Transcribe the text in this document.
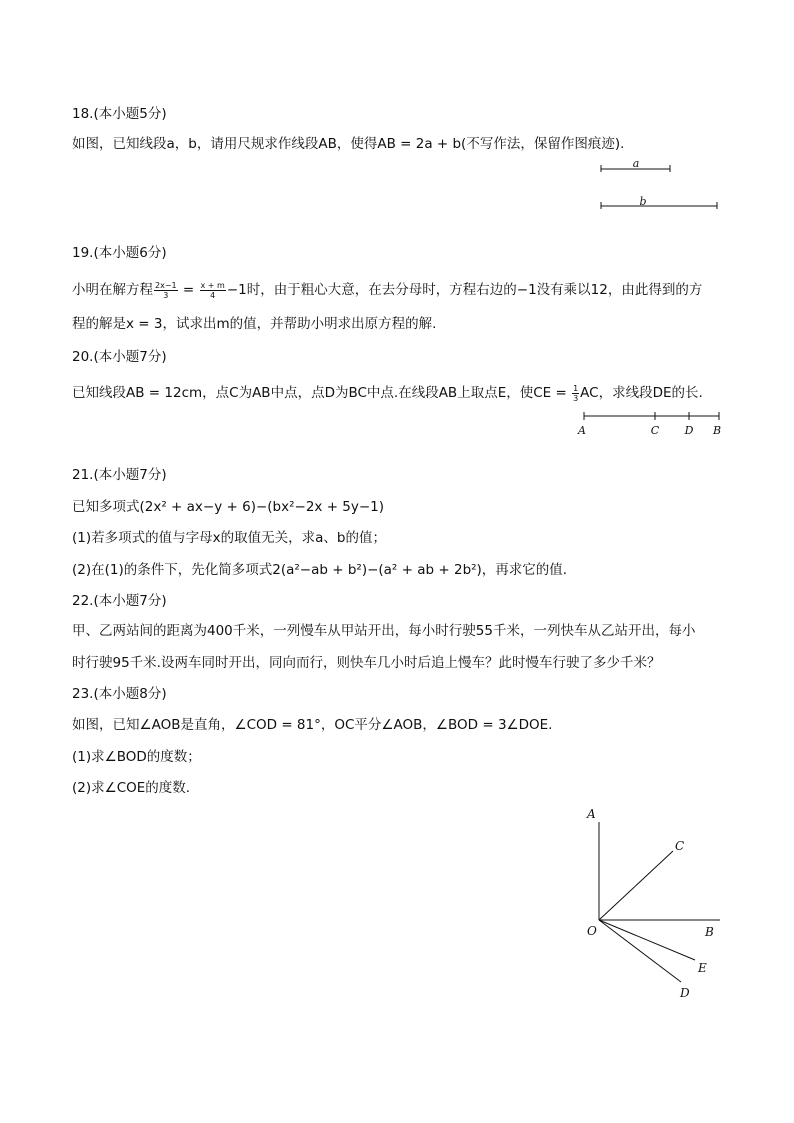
18.(本小题5分)
如图，已知线段a，b，请用尺规求作线段AB，使得AB = 2a + b(不写作法，保留作图痕迹).
a
b
19.(本小题6分)
小明在解方程 $\frac{2x-1}{3} = \frac{x + m}{4} -1$时，由于粗心大意，在去分母时，方程右边的−1没有乘以12，由此得到的方
程的解是x = 3，试求出m的值，并帮助小明求出原方程的解.
20.(本小题7分)
已知线段AB = 12cm，点C为AB中点，点D为BC中点.在线段AB上取点E，使CE = $\frac{1}{3}$ AC，求线段DE的长.
A	C D B
21.(本小题7分)
已知多项式(2x² + ax−y + 6)−(bx²−2x + 5y−1)
(1)若多项式的值与字母x的取值无关，求a、b的值；
(2)在(1)的条件下，先化简多项式2(a²−ab + b²)−(a² + ab + 2b²)，再求它的值.
22.(本小题7分)
甲、乙两站间的距离为400千米，一列慢车从甲站开出，每小时行驶55千米，一列快车从乙站开出，每小
时行驶95千米.设两车同时开出，同向而行，则快车几小时后追上慢车？此时慢车行驶了多少千米？
23.(本小题8分)
如图，已知∠AOB是直角，∠COD = 81°，OC平分∠AOB，∠BOD = 3∠DOE.
(1)求∠BOD的度数；
(2)求∠COE的度数.
A
C
O	B
E
D
